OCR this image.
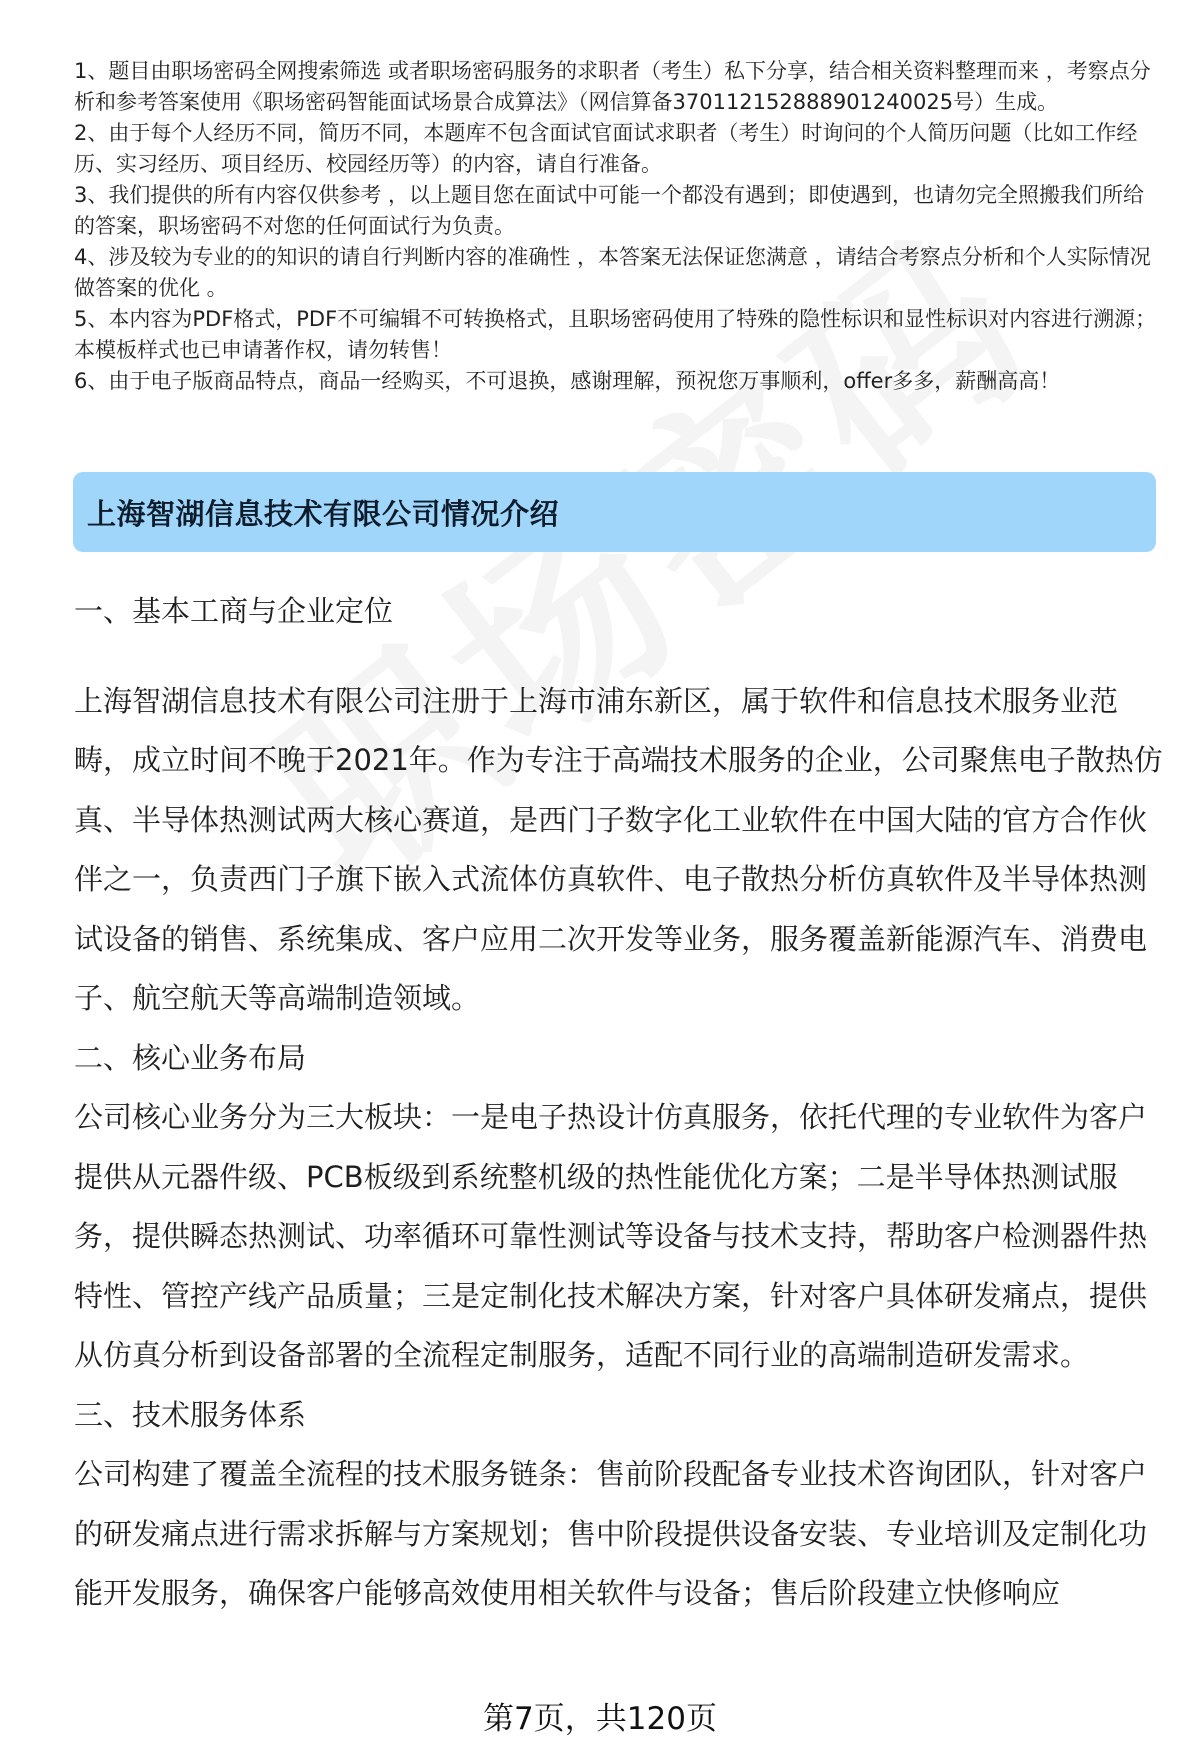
1、题目由职场密码全网搜索筛选 或者职场密码服务的求职者（考生）私下分享，结合相关资料整理而来 ，考察点分析和参考答案使用《职场密码智能面试场景合成算法》（网信算备370112152888901240025号）生成。

2、由于每个人经历不同，简历不同，本题库不包含面试官面试求职者（考生）时询问的个人简历问题（比如工作经历、实习经历、项目经历、校园经历等）的内容，请自行准备。

3、我们提供的所有内容仅供参考 ，以上题目您在面试中可能一个都没有遇到；即使遇到，也请勿完全照搬我们所给的答案，职场密码不对您的任何面试行为负责。

4、涉及较为专业的的知识的请自行判断内容的准确性 ，本答案无法保证您满意 ，请结合考察点分析和个人实际情况做答案的优化 。

5、本内容为PDF格式，PDF不可编辑不可转换格式，且职场密码使用了特殊的隐性标识和显性标识对内容进行溯源；本模板样式也已申请著作权，请勿转售！

6、由于电子版商品特点，商品一经购买，不可退换，感谢理解，预祝您万事顺利，offer多多，薪酬高高！

上海智湖信息技术有限公司情况介绍
一、基本工商与企业定位

上海智湖信息技术有限公司注册于上海市浦东新区，属于软件和信息技术服务业范畴，成立时间不晚于2021年。作为专注于高端技术服务的企业，公司聚焦电子散热仿真、半导体热测试两大核心赛道，是西门子数字化工业软件在中国大陆的官方合作伙伴之一，负责西门子旗下嵌入式流体仿真软件、电子散热分析仿真软件及半导体热测试设备的销售、系统集成、客户应用二次开发等业务，服务覆盖新能源汽车、消费电子、航空航天等高端制造领域。

二、核心业务布局

公司核心业务分为三大板块：一是电子热设计仿真服务，依托代理的专业软件为客户提供从元器件级、PCB板级到系统整机级的热性能优化方案；二是半导体热测试服务，提供瞬态热测试、功率循环可靠性测试等设备与技术支持，帮助客户检测器件热特性、管控产线产品质量；三是定制化技术解决方案，针对客户具体研发痛点，提供从仿真分析到设备部署的全流程定制服务，适配不同行业的高端制造研发需求。

三、技术服务体系

公司构建了覆盖全流程的技术服务链条：售前阶段配备专业技术咨询团队，针对客户的研发痛点进行需求拆解与方案规划；售中阶段提供设备安装、专业培训及定制化功能开发服务，确保客户能够高效使用相关软件与设备；售后阶段建立快修响应

第7页，共120页
